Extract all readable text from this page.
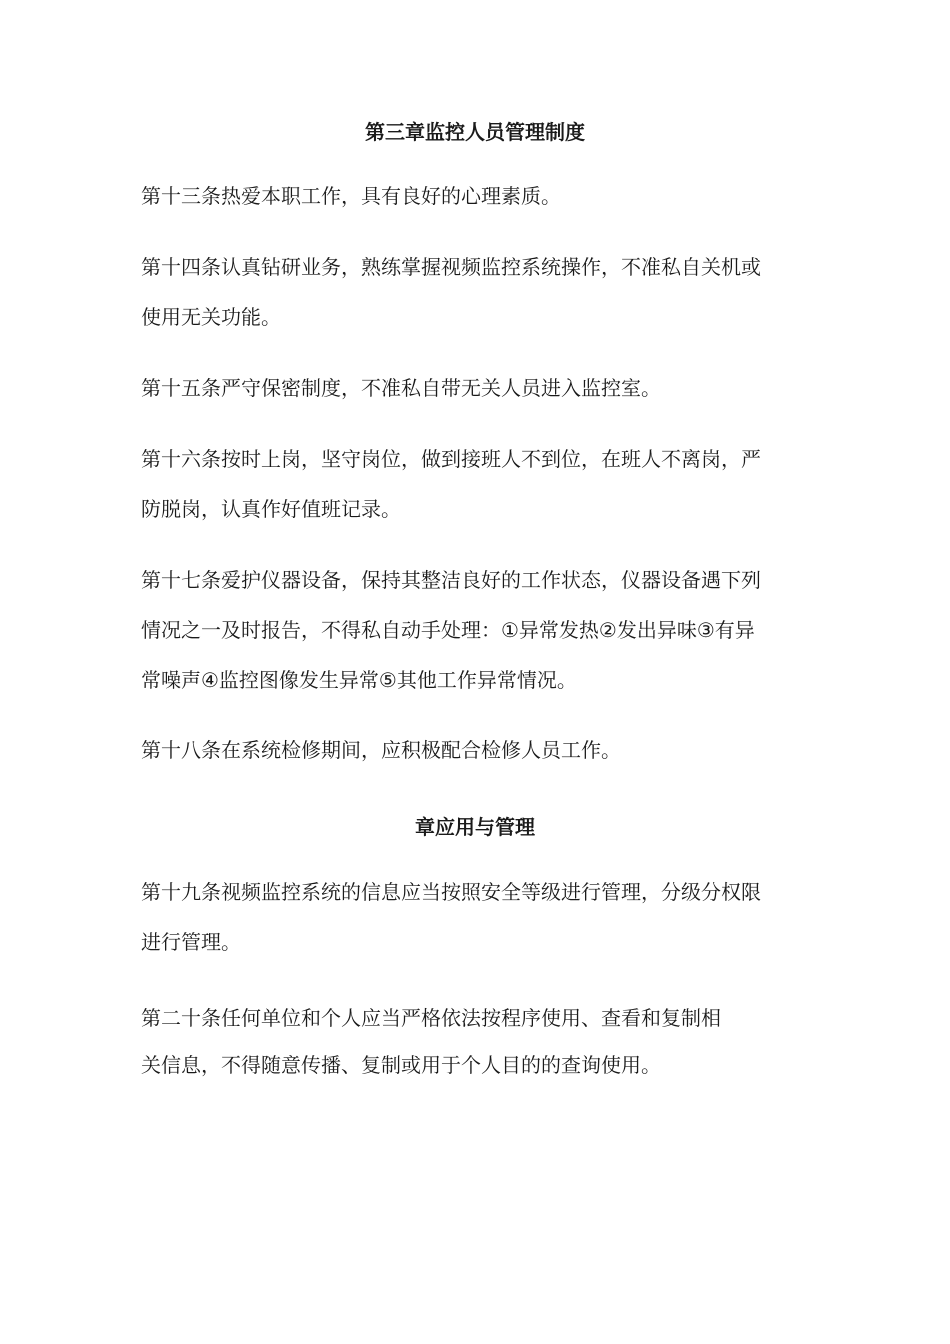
第三章监控人员管理制度
第十三条热爱本职工作，具有良好的心理素质。
第十四条认真钻研业务，熟练掌握视频监控系统操作，不准私自关机或
使用无关功能。
第十五条严守保密制度，不准私自带无关人员进入监控室。
第十六条按时上岗，坚守岗位，做到接班人不到位，在班人不离岗，严
防脱岗，认真作好值班记录。
第十七条爱护仪器设备，保持其整洁良好的工作状态，仪器设备遇下列
情况之一及时报告，不得私自动手处理：①异常发热②发出异味③有异
常噪声④监控图像发生异常⑤其他工作异常情况。
第十八条在系统检修期间，应积极配合检修人员工作。
章应用与管理
第十九条视频监控系统的信息应当按照安全等级进行管理，分级分权限
进行管理。
第二十条任何单位和个人应当严格依法按程序使用、查看和复制相
关信息，不得随意传播、复制或用于个人目的的查询使用。
